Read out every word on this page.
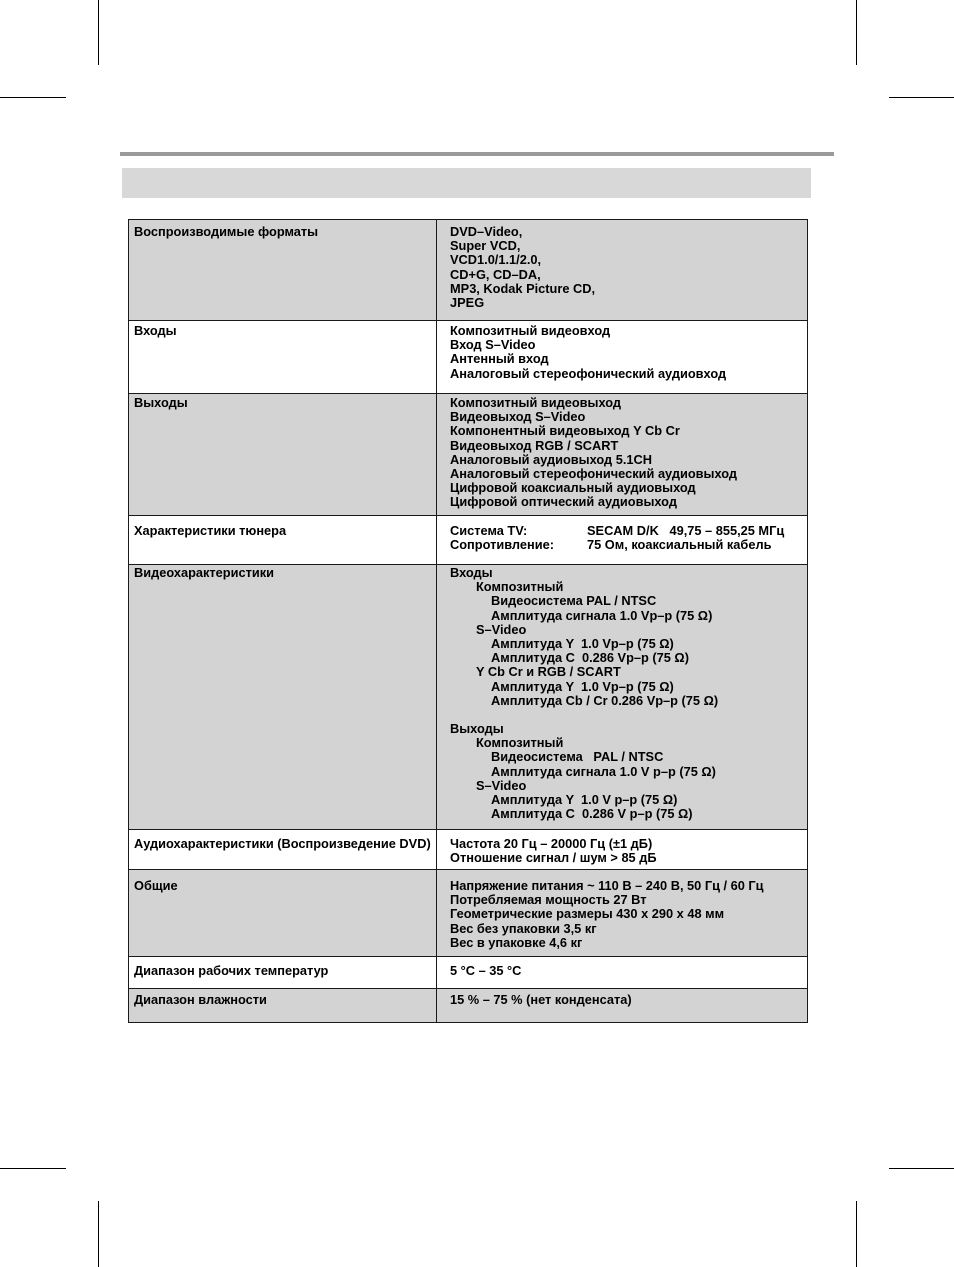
Воспроизводимые форматы	DVD–Video,
Super VCD,
VCD1.0/1.1/2.0,
CD+G, CD–DA,
MP3, Kodak Picture CD,
JPEG
Входы	Композитный видеовход
Вход S–Video
Антенный вход
Аналоговый стереофонический аудиовход
Выходы	Композитный видеовыход
Видеовыход S–Video
Компонентный видеовыход Y Cb Cr
Видеовыход RGB / SCART
Аналоговый аудиовыход 5.1CH
Аналоговый стереофонический аудиовыход
Цифровой коаксиальный аудиовыход
Цифровой оптический аудиовыход
Характеристики тюнера	Система TV:	SECAM D/K   49,75 – 855,25 МГц
Сопротивление:	75 Ом, коаксиальный кабель
Видеохарактеристики	Входы
Композитный
Видеосистема PAL / NTSC
Амплитуда сигнала 1.0 Vp–p (75 Ω)
S–Video
Амплитуда Y  1.0 Vp–p (75 Ω)
Амплитуда C  0.286 Vp–p (75 Ω)
Y Cb Cr и RGB / SCART
Амплитуда Y  1.0 Vp–p (75 Ω)
Амплитуда Cb / Cr 0.286 Vp–p (75 Ω)
Выходы
Композитный
Видеосистема   PAL / NTSC
Амплитуда сигнала 1.0 V p–p (75 Ω)
S–Video
Амплитуда Y  1.0 V p–p (75 Ω)
Амплитуда C  0.286 V p–p (75 Ω)
Аудиохарактеристики (Воспроизведение DVD)	Частота 20 Гц – 20000 Гц (±1 дБ)
Отношение сигнал / шум > 85 дБ
Общие	Напряжение питания ~ 110 В – 240 В, 50 Гц / 60 Гц
Потребляемая мощность 27 Вт
Геометрические размеры 430 x 290 x 48 мм
Вес без упаковки 3,5 кг
Вес в упаковке 4,6 кг
Диапазон рабочих температур	5 °C – 35 °C
Диапазон влажности	15 % – 75 % (нет конденсата)
